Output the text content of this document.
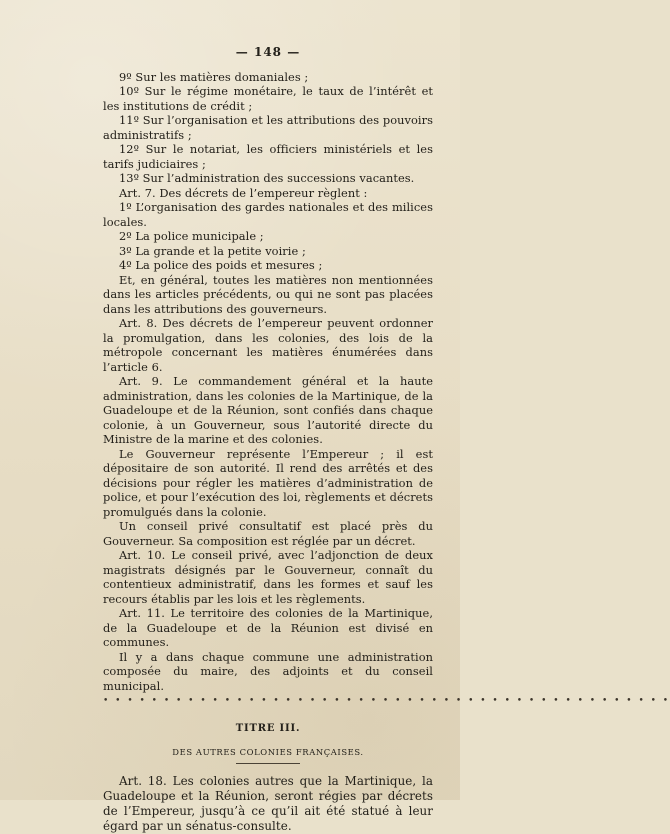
— 148 —

9º Sur les matières domaniales ;

10º Sur le régime monétaire, le taux de l’intérêt et les institutions de crédit ;

11º Sur l’organisation et les attributions des pouvoirs administratifs ;

12º Sur le notariat, les officiers ministériels et les tarifs judiciaires ;

13º Sur l’administration des successions vacantes.

Art. 7. Des décrets de l’empereur règlent :

1º L’organisation des gardes nationales et des milices locales.

2º La police municipale ;

3º La grande et la petite voirie ;

4º La police des poids et mesures ;

Et, en général, toutes les matières non mentionnées dans les articles précédents, ou qui ne sont pas placées dans les attributions des gouverneurs.

Art. 8. Des décrets de l’empereur peuvent ordonner la promulgation, dans les colonies, des lois de la métropole concernant les matières énumérées dans l’article 6.

Art. 9. Le commandement général et la haute administration, dans les colonies de la Martinique, de la Guadeloupe et de la Réunion, sont confiés dans chaque colonie, à un Gouverneur, sous l’autorité directe du Ministre de la marine et des colonies.

Le Gouverneur représente l’Empereur ; il est dépositaire de son autorité. Il rend des arrêtés et des décisions pour régler les matières d’administration de police, et pour l’exécution des loi, règlements et décrets promulgués dans la colonie.

Un conseil privé consultatif est placé près du Gouverneur. Sa composition est réglée par un décret.

Art. 10. Le conseil privé, avec l’adjonction de deux magistrats désignés par le Gouverneur, connaît du contentieux administratif, dans les formes et sauf les recours établis par les lois et les règlements.

Art. 11. Le territoire des colonies de la Martinique, de la Guadeloupe et de la Réunion est divisé en communes.

Il y a dans chaque commune une administration composée du maire, des adjoints et du conseil municipal.

• • • • • • • • • • • • • • • • • • • • • • • • • • • • • • • • • • • • • • • • • • • • • • •
TITRE III.
DES AUTRES COLONIES FRANÇAISES.

Art. 18. Les colonies autres que la Martinique, la Guadeloupe et la Réunion, seront régies par décrets de l’Empereur, jusqu’à ce qu’il ait été statué à leur égard par un sénatus-consulte.
